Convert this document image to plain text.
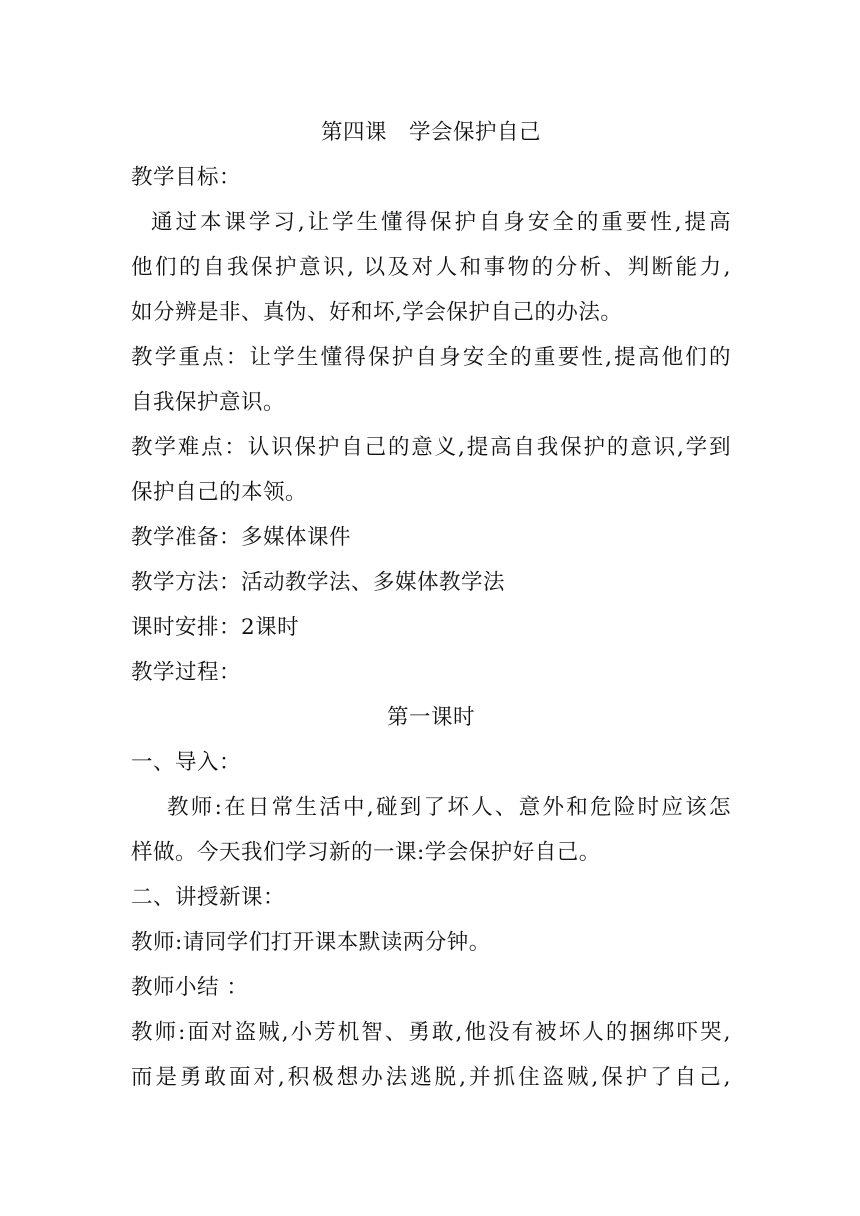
第四课　学会保护自己
教学目标：
通过本课学习,让学生懂得保护自身安全的重要性,提高
他们的自我保护意识, 以及对人和事物的分析、判断能力,
如分辨是非、真伪、好和坏,学会保护自己的办法。
教学重点：让学生懂得保护自身安全的重要性,提高他们的
自我保护意识。
教学难点：认识保护自己的意义,提高自我保护的意识,学到
保护自己的本领。
教学准备：多媒体课件
教学方法：活动教学法、多媒体教学法
课时安排：2课时
教学过程：
第一课时
一、导入：
教师:在日常生活中,碰到了坏人、意外和危险时应该怎
样做。今天我们学习新的一课:学会保护好自己。
二、讲授新课：
教师:请同学们打开课本默读两分钟。
教师小结 ：
教师:面对盗贼,小芳机智、勇敢,他没有被坏人的捆绑吓哭,
而是勇敢面对,积极想办法逃脱,并抓住盗贼,保护了自己,
